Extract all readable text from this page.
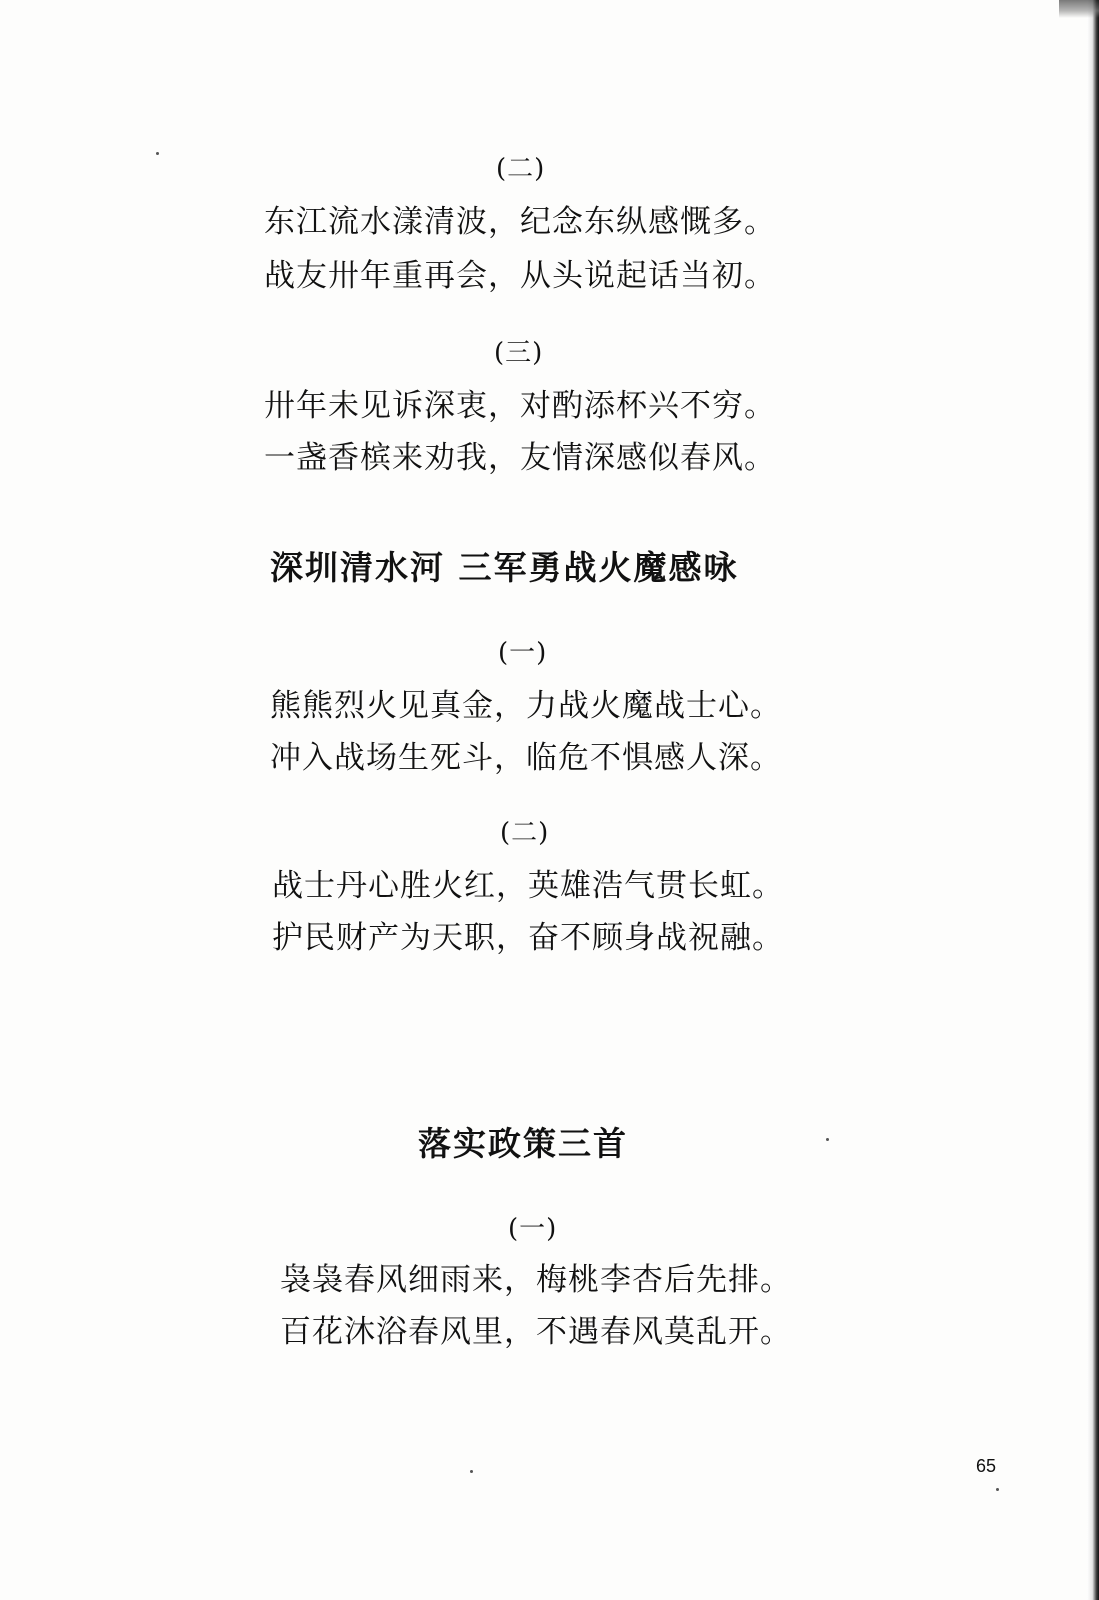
(二)
东江流水漾清波，纪念东纵感慨多。
战友卅年重再会，从头说起话当初。
(三)
卅年未见诉深衷，对酌添杯兴不穷。
一盏香槟来劝我，友情深感似春风。
深圳清水河 三军勇战火魔感咏
(一)
熊熊烈火见真金，力战火魔战士心。
冲入战场生死斗，临危不惧感人深。
(二)
战士丹心胜火红，英雄浩气贯长虹。
护民财产为天职，奋不顾身战祝融。
落实政策三首
(一)
袅袅春风细雨来，梅桃李杏后先排。
百花沐浴春风里，不遇春风莫乱开。
65
